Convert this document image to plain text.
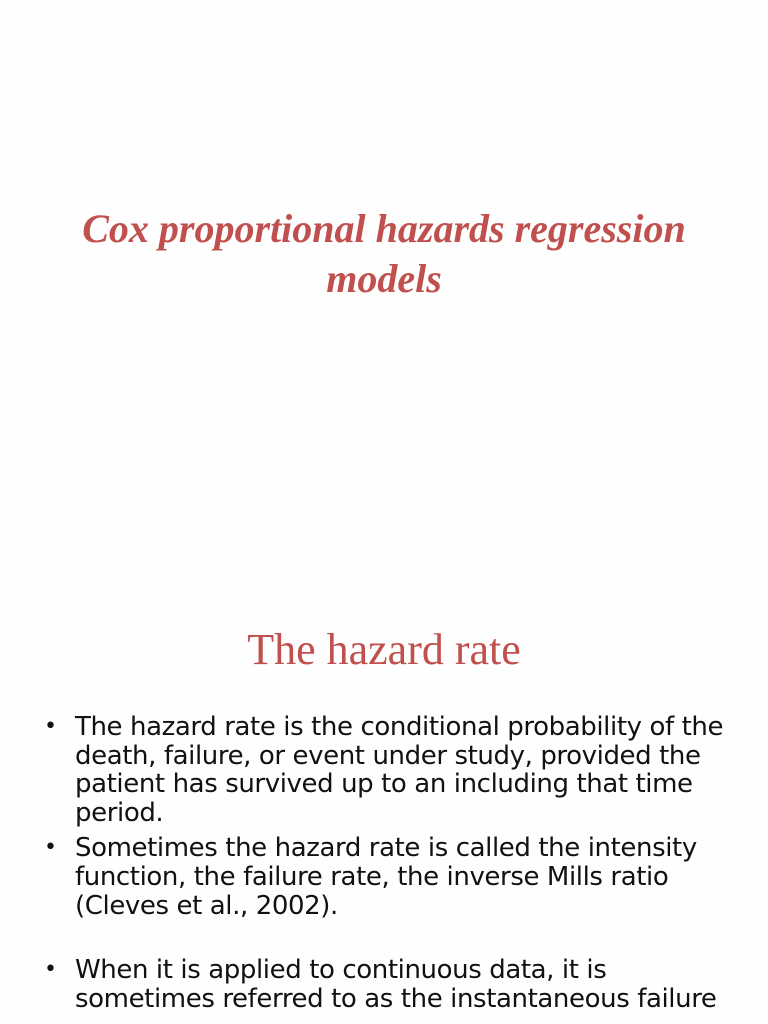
Cox proportional hazards regression models
The hazard rate
• The hazard rate is the conditional probability of the death, failure, or event under study, provided the patient has survived up to an including that time period.
• Sometimes the hazard rate is called the intensity function, the failure rate, the inverse Mills ratio (Cleves et al., 2002).
• When it is applied to continuous data, it is sometimes referred to as the instantaneous failure
